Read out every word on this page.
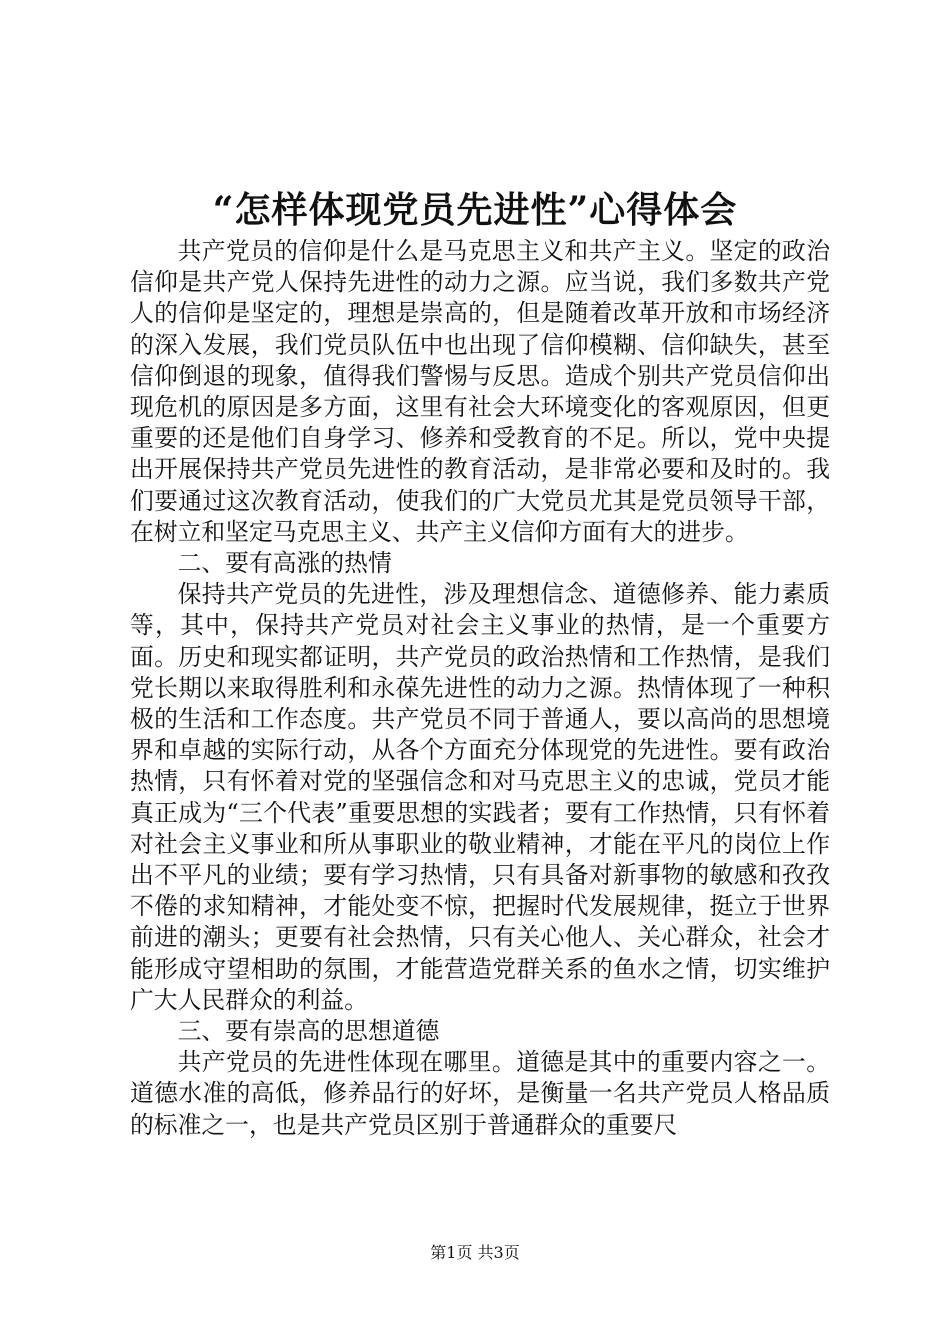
“怎样体现党员先进性”心得体会

共产党员的信仰是什么是马克思主义和共产主义。坚定的政治信仰是共产党人保持先进性的动力之源。应当说，我们多数共产党人的信仰是坚定的，理想是崇高的，但是随着改革开放和市场经济的深入发展，我们党员队伍中也出现了信仰模糊、信仰缺失，甚至信仰倒退的现象，值得我们警惕与反思。造成个别共产党员信仰出现危机的原因是多方面，这里有社会大环境变化的客观原因，但更重要的还是他们自身学习、修养和受教育的不足。所以，党中央提出开展保持共产党员先进性的教育活动，是非常必要和及时的。我们要通过这次教育活动，使我们的广大党员尤其是党员领导干部，在树立和坚定马克思主义、共产主义信仰方面有大的进步。

二、要有高涨的热情

保持共产党员的先进性，涉及理想信念、道德修养、能力素质等，其中，保持共产党员对社会主义事业的热情，是一个重要方面。历史和现实都证明，共产党员的政治热情和工作热情，是我们党长期以来取得胜利和永葆先进性的动力之源。热情体现了一种积极的生活和工作态度。共产党员不同于普通人，要以高尚的思想境界和卓越的实际行动，从各个方面充分体现党的先进性。要有政治热情，只有怀着对党的坚强信念和对马克思主义的忠诚，党员才能真正成为“三个代表”重要思想的实践者；要有工作热情，只有怀着对社会主义事业和所从事职业的敬业精神，才能在平凡的岗位上作出不平凡的业绩；要有学习热情，只有具备对新事物的敏感和孜孜不倦的求知精神，才能处变不惊，把握时代发展规律，挺立于世界前进的潮头；更要有社会热情，只有关心他人、关心群众，社会才能形成守望相助的氛围，才能营造党群关系的鱼水之情，切实维护广大人民群众的利益。

三、要有崇高的思想道德

共产党员的先进性体现在哪里。道德是其中的重要内容之一。道德水准的高低，修养品行的好坏，是衡量一名共产党员人格品质的标准之一，也是共产党员区别于普通群众的重要尺

第1页 共3页
